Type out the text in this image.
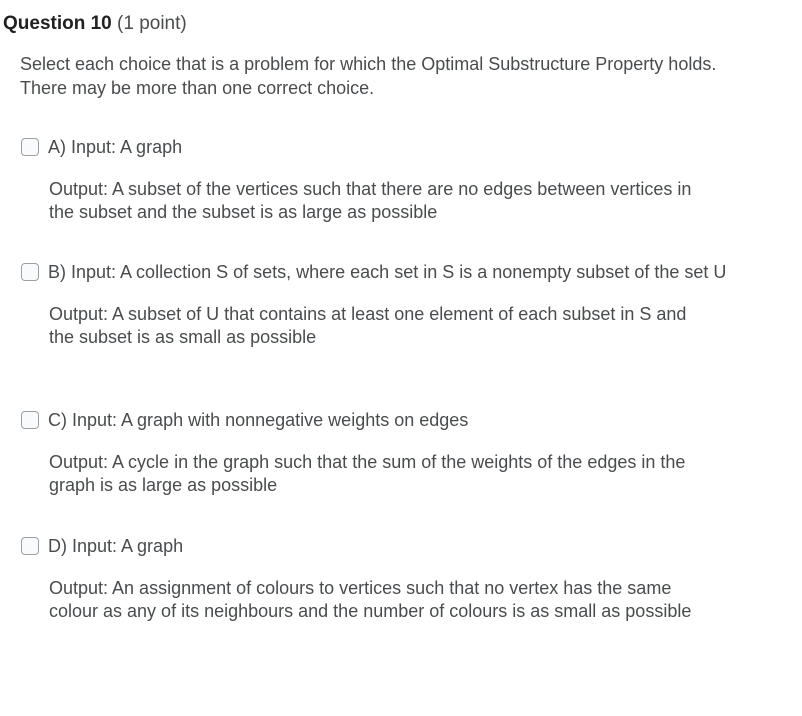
Question 10 (1 point)
Select each choice that is a problem for which the Optimal Substructure Property holds. There may be more than one correct choice.
A) Input: A graph
Output: A subset of the vertices such that there are no edges between vertices in the subset and the subset is as large as possible
B) Input: A collection S of sets, where each set in S is a nonempty subset of the set U
Output: A subset of U that contains at least one element of each subset in S and the subset is as small as possible
C) Input: A graph with nonnegative weights on edges
Output: A cycle in the graph such that the sum of the weights of the edges in the graph is as large as possible
D) Input: A graph
Output: An assignment of colours to vertices such that no vertex has the same colour as any of its neighbours and the number of colours is as small as possible
